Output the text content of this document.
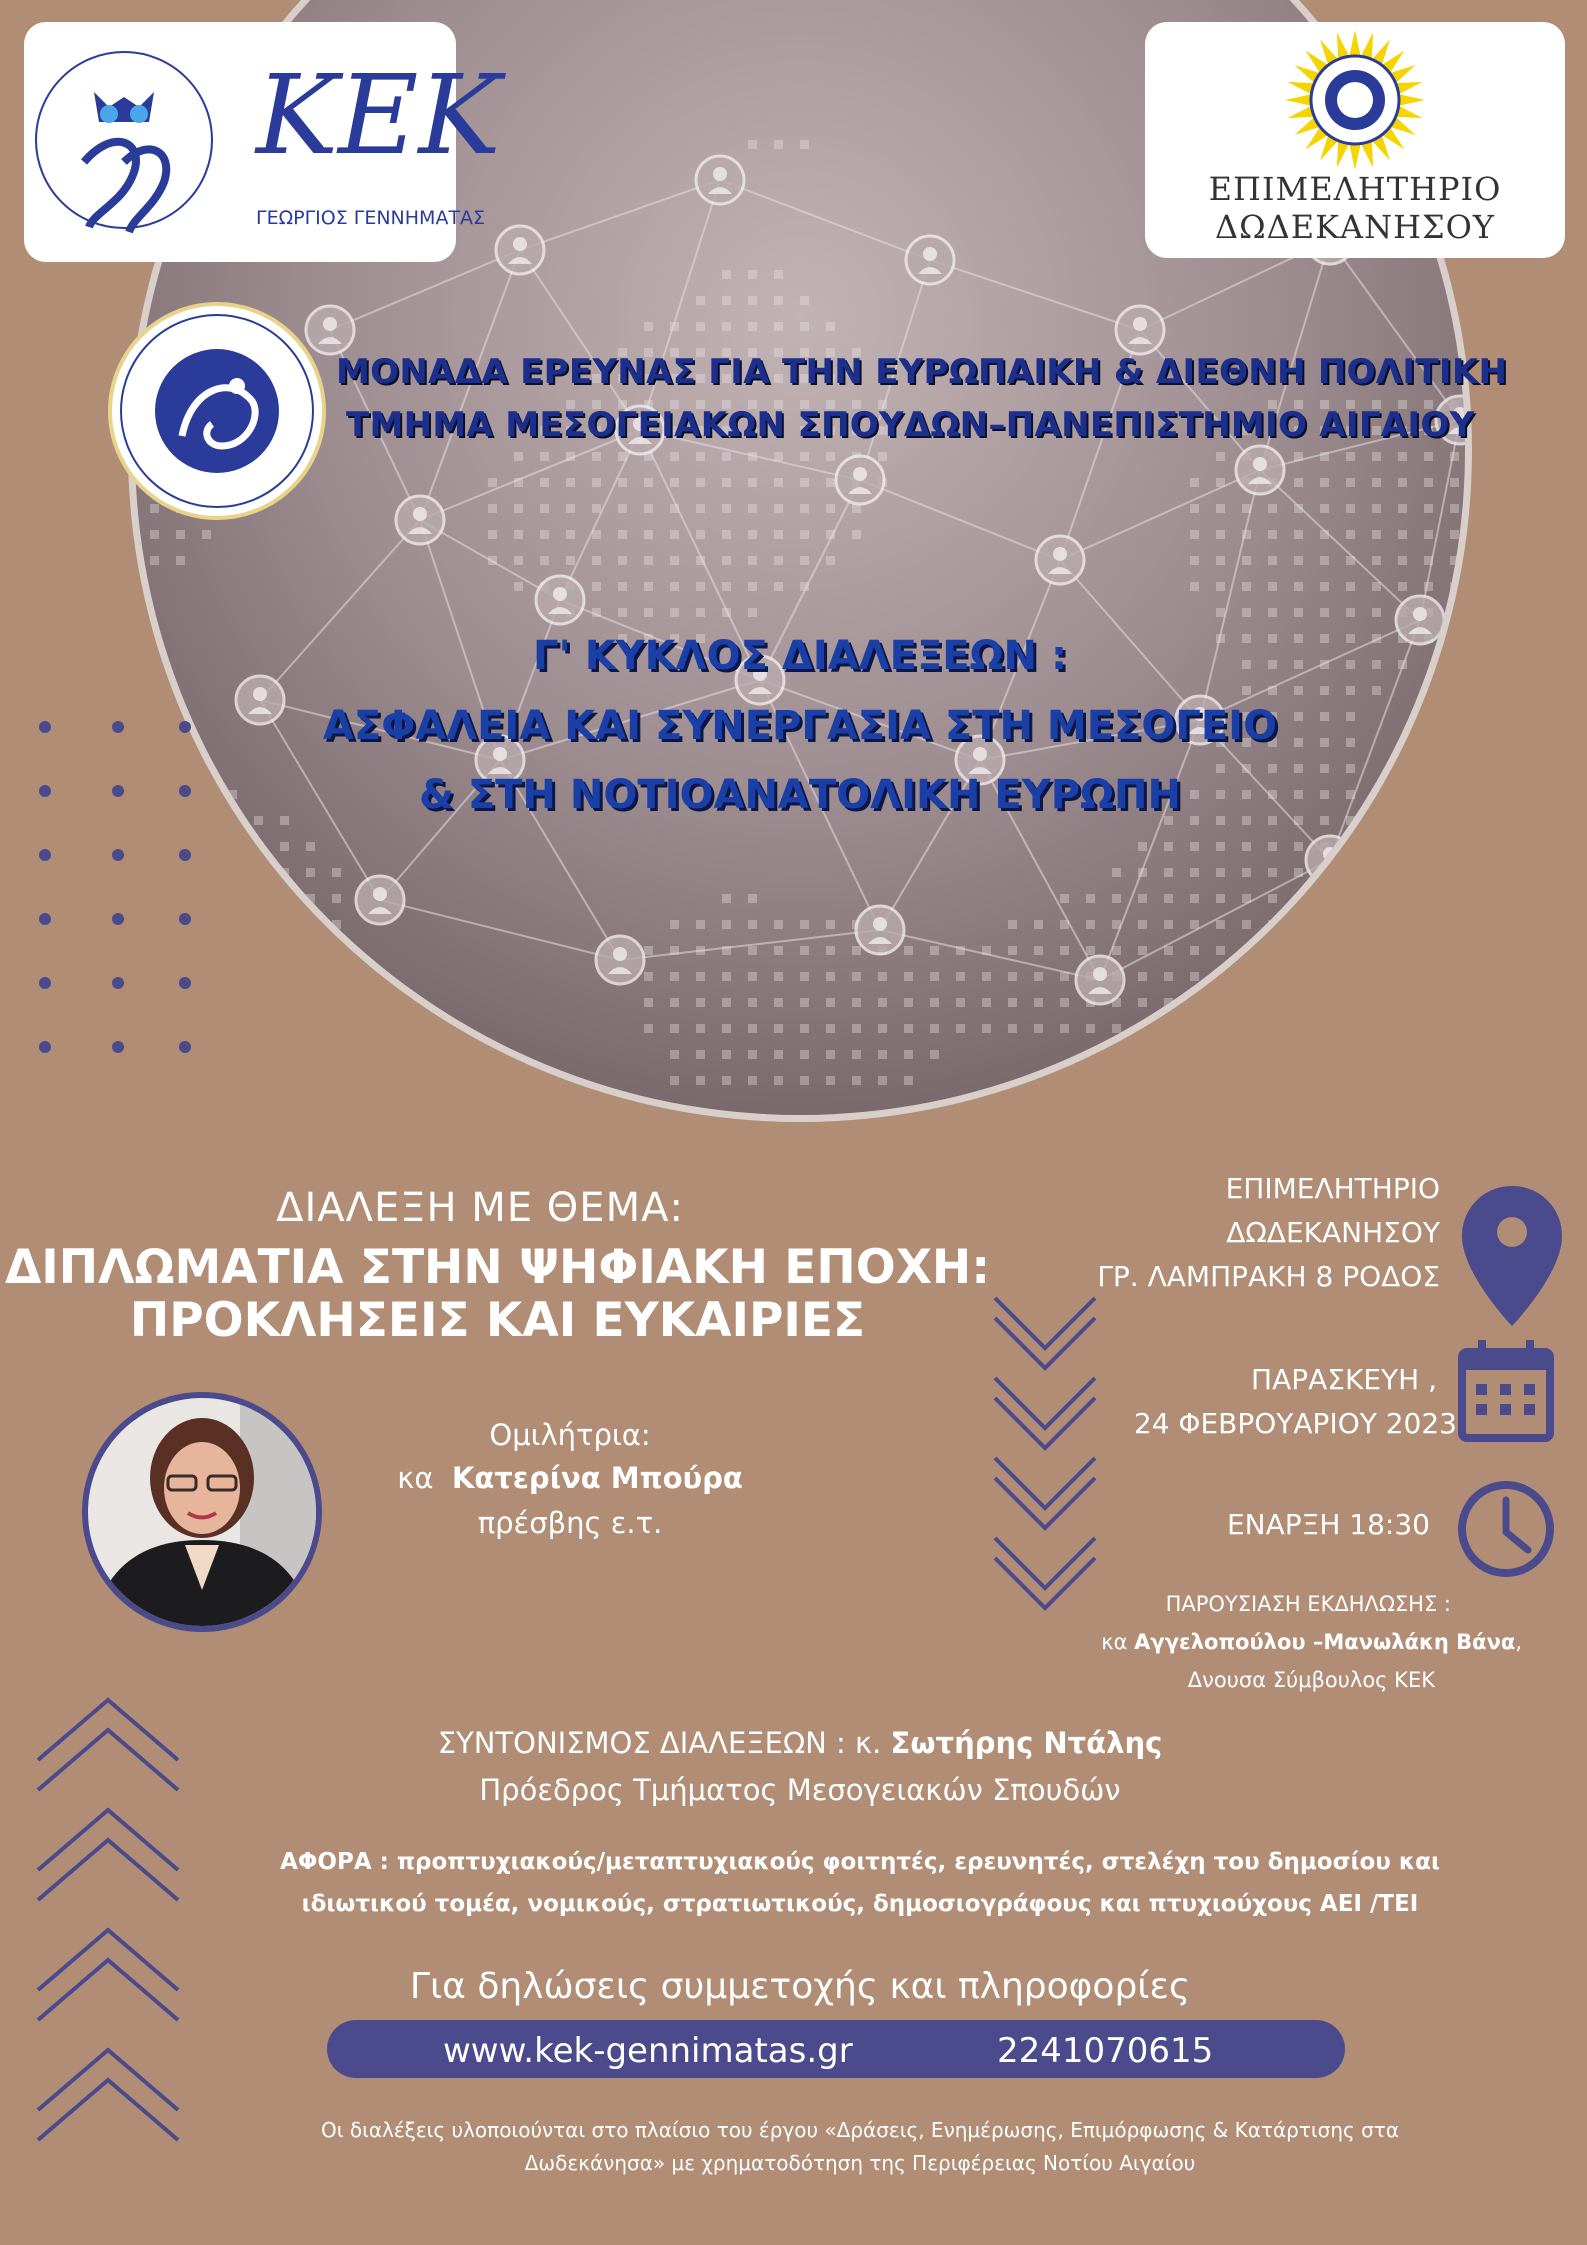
ΚΕΚ
ΓΕΩΡΓΙΟΣ ΓΕΝΝΗΜΑΤΑΣ
ΕΠΙΜΕΛΗΤΗΡΙΟ
ΔΩΔΕΚΑΝΗΣΟΥ
ΜΟΝΑΔΑ ΕΡΕΥΝΑΣ ΓΙΑ ΤΗΝ ΕΥΡΩΠΑΙΚΗ & ΔΙΕΘΝΗ ΠΟΛΙΤΙΚΗ
ΤΜΗΜΑ ΜΕΣΟΓΕΙΑΚΩΝ ΣΠΟΥΔΩΝ–ΠΑΝΕΠΙΣΤΗΜΙΟ ΑΙΓΑΙΟΥ
Γ' ΚΥΚΛΟΣ ΔΙΑΛΕΞΕΩΝ :
ΑΣΦΑΛΕΙΑ ΚΑΙ ΣΥΝΕΡΓΑΣΙΑ ΣΤΗ ΜΕΣΟΓΕΙΟ
& ΣΤΗ ΝΟΤΙΟΑΝΑΤΟΛΙΚΗ ΕΥΡΩΠΗ
ΔΙΑΛΕΞΗ ΜΕ ΘΕΜΑ:
ΔΙΠΛΩΜΑΤΙΑ ΣΤΗΝ ΨΗΦΙΑΚΗ ΕΠΟΧΗ:
ΠΡΟΚΛΗΣΕΙΣ ΚΑΙ ΕΥΚΑΙΡΙΕΣ
Ομιλήτρια:
κα Κατερίνα Μπούρα
πρέσβης ε.τ.
ΕΠΙΜΕΛΗΤΗΡΙΟ
ΔΩΔΕΚΑΝΗΣΟΥ
ΓΡ. ΛΑΜΠΡΑΚΗ 8 ΡΟΔΟΣ
ΠΑΡΑΣΚΕΥΗ ,
24 ΦΕΒΡΟΥΑΡΙΟΥ 2023
ΕΝΑΡΞΗ 18:30
ΠΑΡΟΥΣΙΑΣΗ ΕΚΔΗΛΩΣΗΣ :
κα Αγγελοπούλου –Μανωλάκη Βάνα,
Δνουσα Σύμβουλος ΚΕΚ
ΣΥΝΤΟΝΙΣΜΟΣ ΔΙΑΛΕΞΕΩΝ : κ. Σωτήρης Ντάλης
Πρόεδρος Τμήματος Μεσογειακών Σπουδών
ΑΦΟΡΑ : προπτυχιακούς/μεταπτυχιακούς φοιτητές, ερευνητές, στελέχη του δημοσίου και
ιδιωτικού τομέα, νομικούς, στρατιωτικούς, δημοσιογράφους και πτυχιούχους ΑΕΙ /ΤΕΙ
Για δηλώσεις συμμετοχής και πληροφορίες
www.kek-gennimatas.gr	2241070615
Οι διαλέξεις υλοποιούνται στο πλαίσιο του έργου «Δράσεις, Ενημέρωσης, Επιμόρφωσης & Κατάρτισης στα
Δωδεκάνησα» με χρηματοδότηση της Περιφέρειας Νοτίου Αιγαίου
